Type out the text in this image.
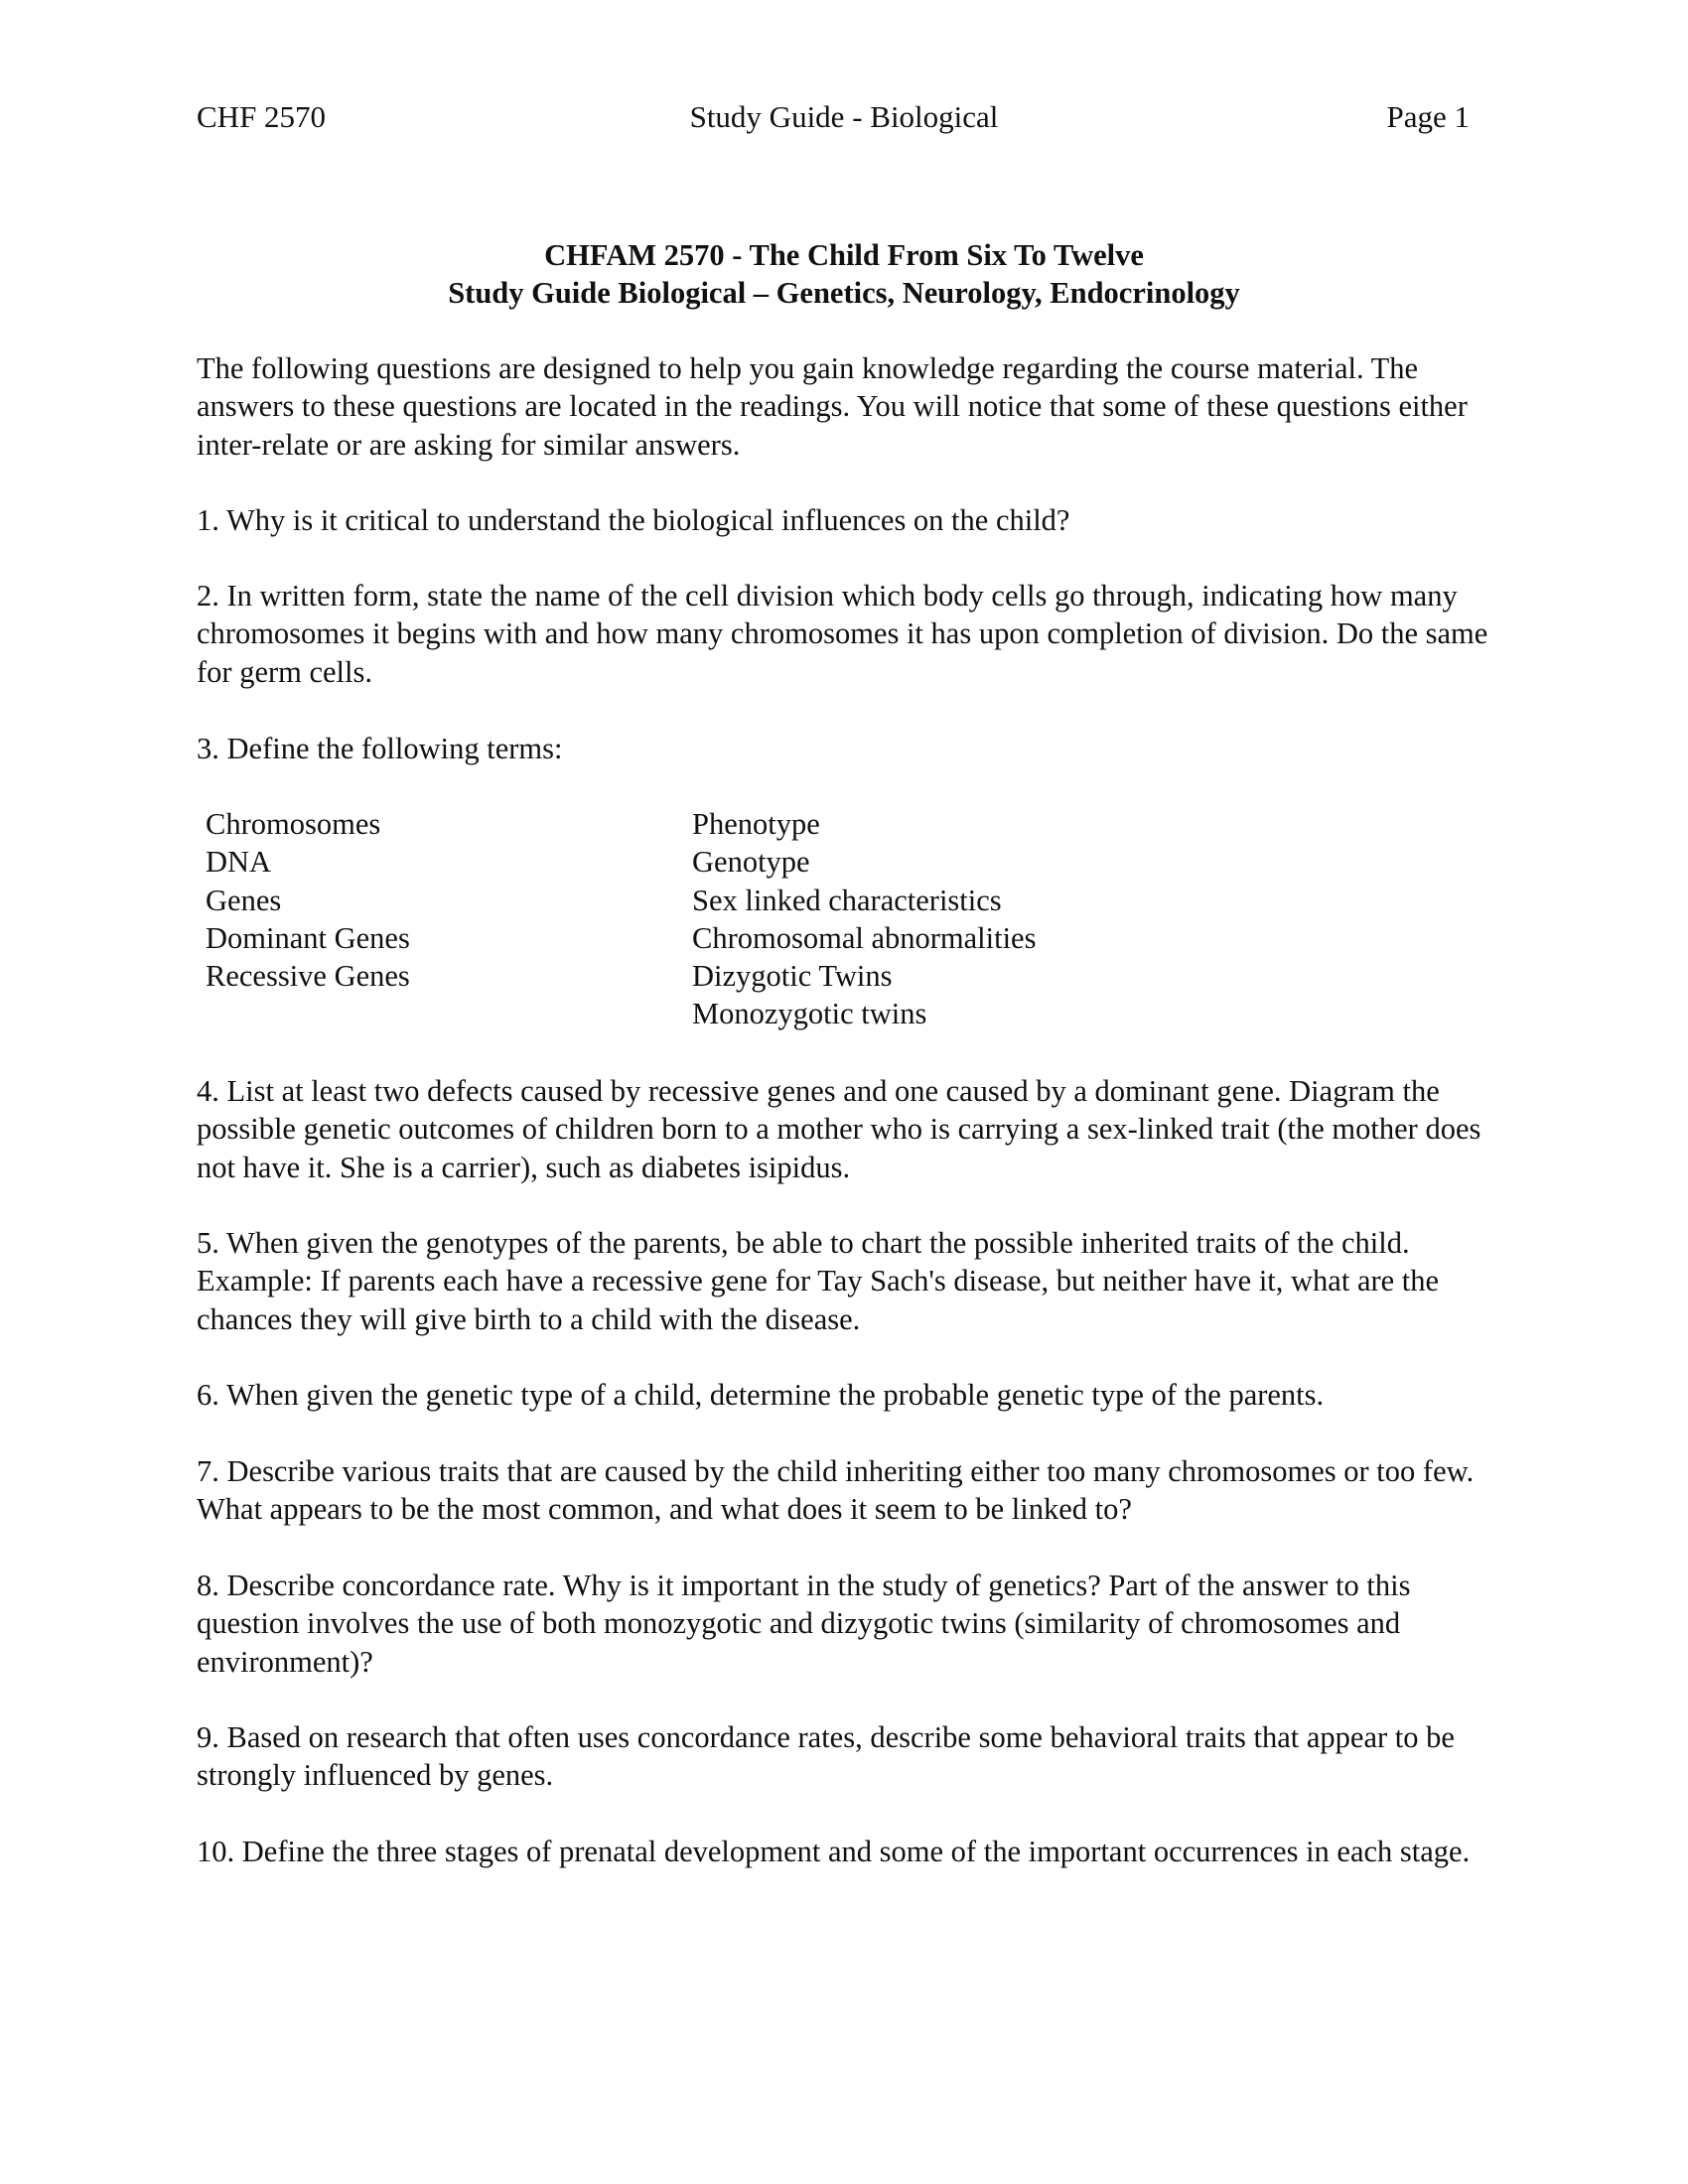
CHF 2570	Study Guide - Biological	Page 1
CHFAM 2570 - The Child From Six To Twelve
Study Guide Biological – Genetics, Neurology, Endocrinology
The following questions are designed to help you gain knowledge regarding the course material. The answers to these questions are located in the readings. You will notice that some of these questions either inter-relate or are asking for similar answers.
1. Why is it critical to understand the biological influences on the child?
2. In written form, state the name of the cell division which body cells go through, indicating how many chromosomes it begins with and how many chromosomes it has upon completion of division. Do the same for germ cells.
3. Define the following terms:
Chromosomes
DNA
Genes
Dominant Genes
Recessive Genes
Phenotype
Genotype
Sex linked characteristics
Chromosomal abnormalities
Dizygotic Twins
Monozygotic twins
4. List at least two defects caused by recessive genes and one caused by a dominant gene. Diagram the possible genetic outcomes of children born to a mother who is carrying a sex-linked trait (the mother does not have it. She is a carrier), such as diabetes isipidus.
5. When given the genotypes of the parents, be able to chart the possible inherited traits of the child. Example: If parents each have a recessive gene for Tay Sach's disease, but neither have it, what are the chances they will give birth to a child with the disease.
6. When given the genetic type of a child, determine the probable genetic type of the parents.
7. Describe various traits that are caused by the child inheriting either too many chromosomes or too few. What appears to be the most common, and what does it seem to be linked to?
8. Describe concordance rate. Why is it important in the study of genetics? Part of the answer to this question involves the use of both monozygotic and dizygotic twins (similarity of chromosomes and environment)?
9. Based on research that often uses concordance rates, describe some behavioral traits that appear to be strongly influenced by genes.
10. Define the three stages of prenatal development and some of the important occurrences in each stage.
